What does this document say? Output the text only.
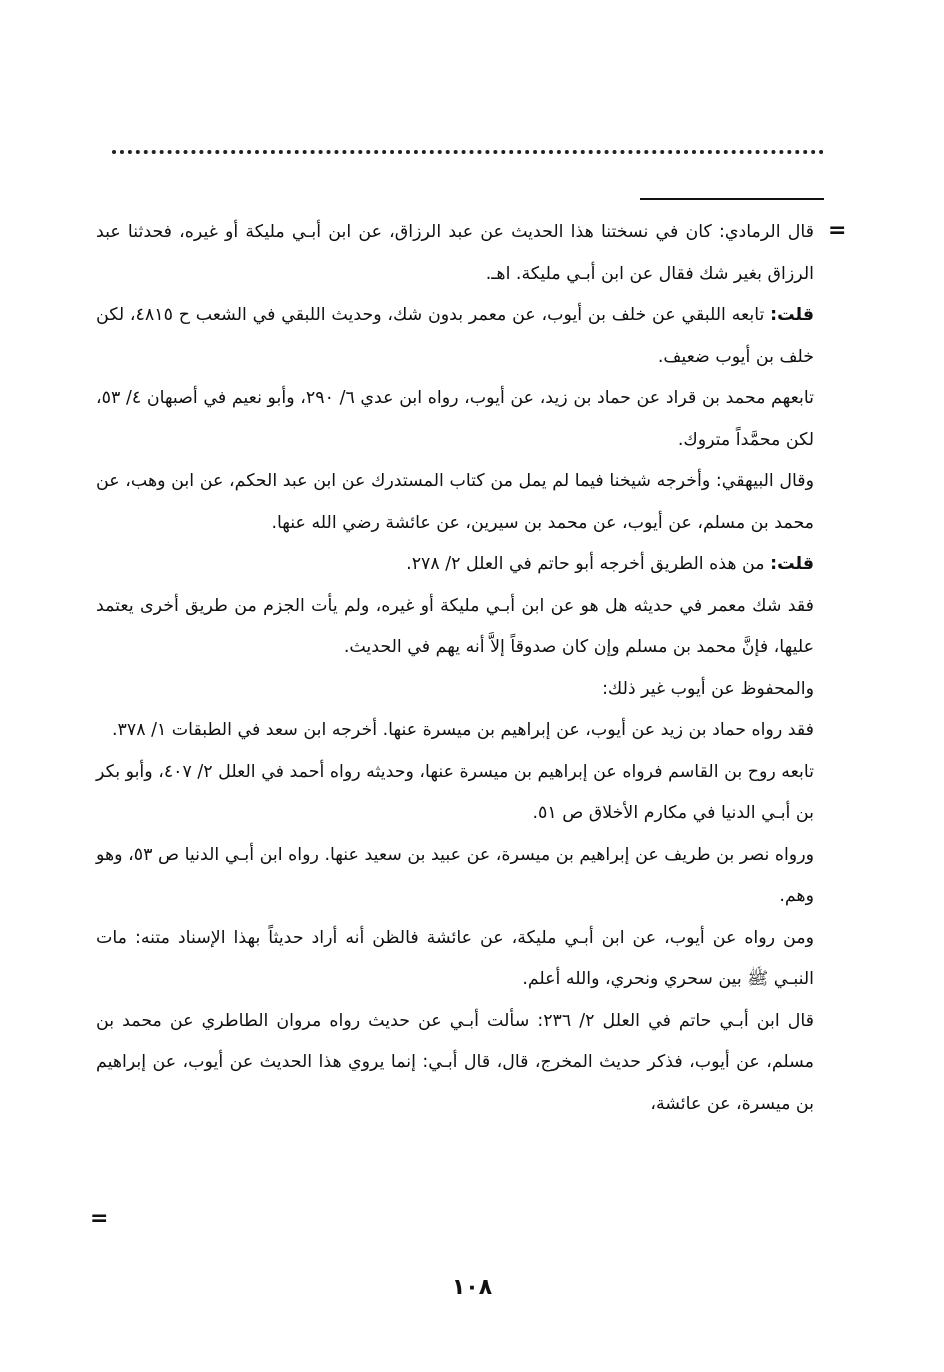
=

قال الرمادي: كان في نسختنا هذا الحديث عن عبد الرزاق، عن ابن أبـي مليكة أو غيره، فحدثنا عبد الرزاق بغير شك فقال عن ابن أبـي مليكة. اهـ.

قلت: تابعه اللبقي عن خلف بن أيوب، عن معمر بدون شك، وحديث اللبقي في الشعب ح ٤٨١٥، لكن خلف بن أيوب ضعيف.

تابعهم محمد بن قراد عن حماد بن زيد، عن أيوب، رواه ابن عدي ٦/ ٢٩٠، وأبو نعيم في أصبهان ٤/ ٥٣، لكن محمَّداً متروك.

وقال البيهقي: وأخرجه شيخنا فيما لم يمل من كتاب المستدرك عن ابن عبد الحكم، عن ابن وهب، عن محمد بن مسلم، عن أيوب، عن محمد بن سيرين، عن عائشة رضي الله عنها.

قلت: من هذه الطريق أخرجه أبو حاتم في العلل ٢/ ٢٧٨.

فقد شك معمر في حديثه هل هو عن ابن أبـي مليكة أو غيره، ولم يأت الجزم من طريق أخرى يعتمد عليها، فإنَّ محمد بن مسلم وإن كان صدوقاً إلاَّ أنه يهم في الحديث.

والمحفوظ عن أيوب غير ذلك:

فقد رواه حماد بن زيد عن أيوب، عن إبراهيم بن ميسرة عنها. أخرجه ابن سعد في الطبقات ١/ ٣٧٨.

تابعه روح بن القاسم فرواه عن إبراهيم بن ميسرة عنها، وحديثه رواه أحمد في العلل ٢/ ٤٠٧، وأبو بكر بن أبـي الدنيا في مكارم الأخلاق ص ٥١.

ورواه نصر بن طريف عن إبراهيم بن ميسرة، عن عبيد بن سعيد عنها. رواه ابن أبـي الدنيا ص ٥٣، وهو وهم.

ومن رواه عن أيوب، عن ابن أبـي مليكة، عن عائشة فالظن أنه أراد حديثاً بهذا الإسناد متنه: مات النبـي ﷺ بين سحري ونحري، والله أعلم.

قال ابن أبـي حاتم في العلل ٢/ ٢٣٦: سألت أبـي عن حديث رواه مروان الطاطري عن محمد بن مسلم، عن أيوب، فذكر حديث المخرج، قال، قال أبـي: إنما يروي هذا الحديث عن أيوب، عن إبراهيم بن ميسرة، عن عائشة،

=
١٠٨
